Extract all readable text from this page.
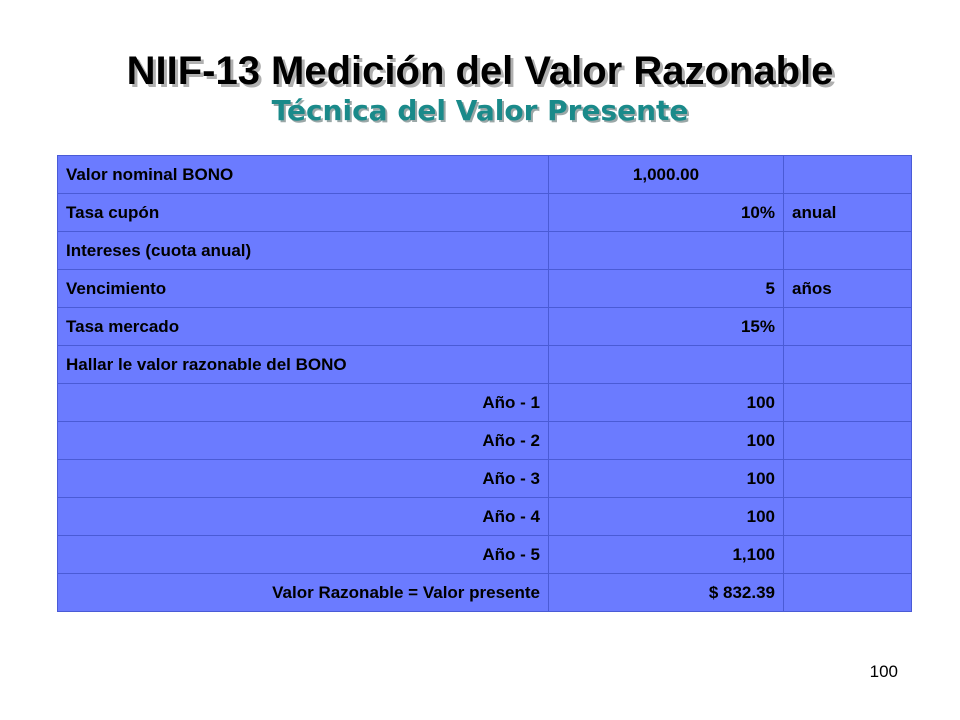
NIIF-13 Medición del Valor Razonable
Técnica del Valor Presente
Valor nominal BONO	1,000.00	
Tasa cupón	10%	anual
Intereses (cuota anual)		
Vencimiento	5	años
Tasa mercado	15%	
Hallar le valor razonable del BONO		
Año - 1	100	
Año - 2	100	
Año - 3	100	
Año - 4	100	
Año - 5	1,100	
Valor Razonable = Valor presente	$ 832.39	
100
